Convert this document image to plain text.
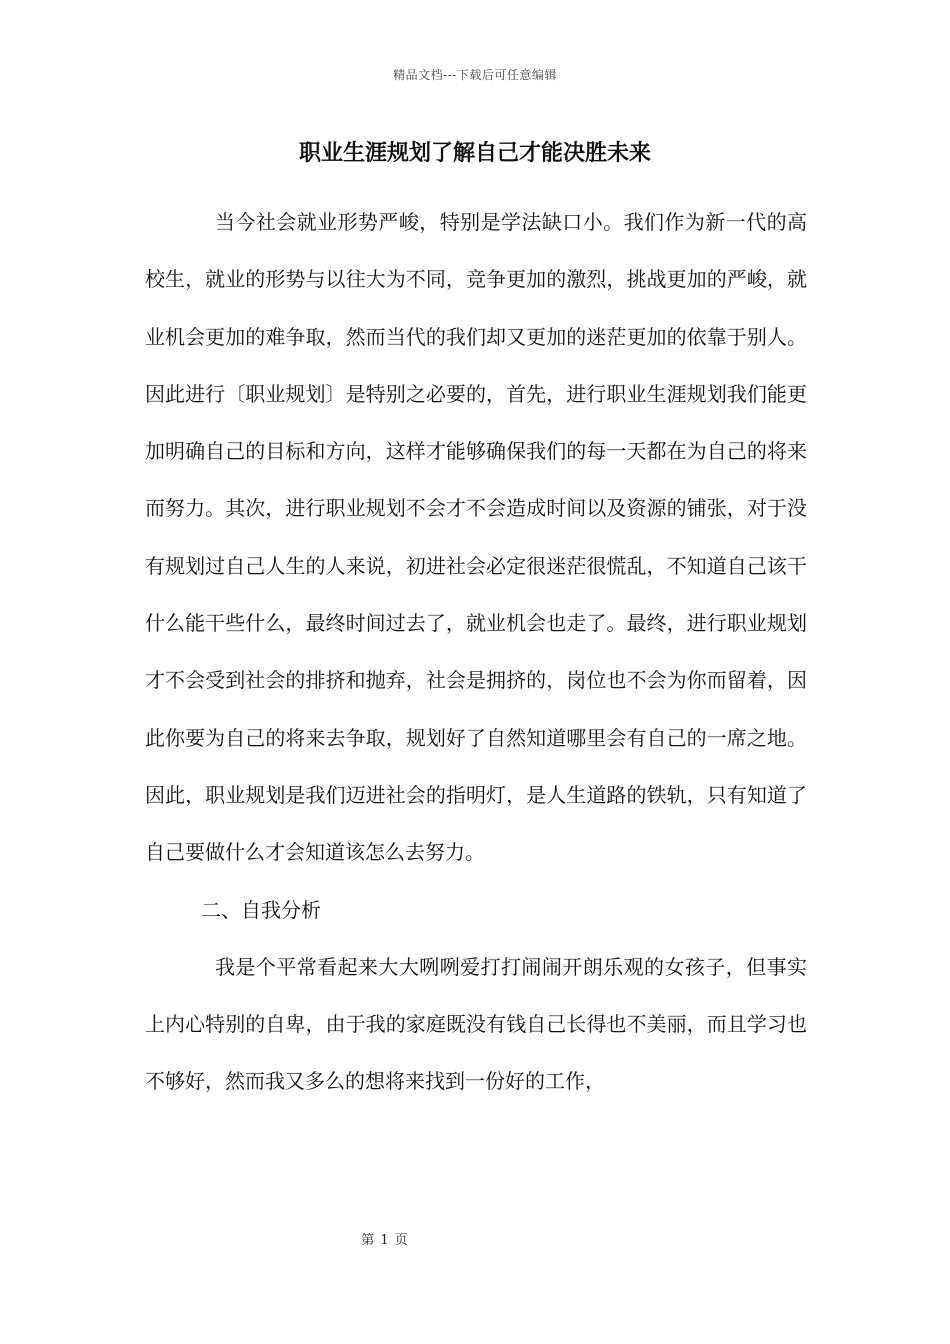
精品文档---下载后可任意编辑
职业生涯规划了解自己才能决胜未来

当今社会就业形势严峻，特别是学法缺口小。我们作为新一代的高校生，就业的形势与以往大为不同，竞争更加的激烈，挑战更加的严峻，就业机会更加的难争取，然而当代的我们却又更加的迷茫更加的依靠于别人。因此进行〔职业规划〕是特别之必要的，首先，进行职业生涯规划我们能更加明确自己的目标和方向，这样才能够确保我们的每一天都在为自己的将来而努力。其次，进行职业规划不会才不会造成时间以及资源的铺张，对于没有规划过自己人生的人来说，初进社会必定很迷茫很慌乱，不知道自己该干什么能干些什么，最终时间过去了，就业机会也走了。最终，进行职业规划才不会受到社会的排挤和抛弃，社会是拥挤的，岗位也不会为你而留着，因此你要为自己的将来去争取，规划好了自然知道哪里会有自己的一席之地。因此，职业规划是我们迈进社会的指明灯，是人生道路的铁轨，只有知道了自己要做什么才会知道该怎么去努力。

二、自我分析

我是个平常看起来大大咧咧爱打打闹闹开朗乐观的女孩子，但事实上内心特别的自卑，由于我的家庭既没有钱自己长得也不美丽，而且学习也不够好，然而我又多么的想将来找到一份好的工作，

第 1 页
